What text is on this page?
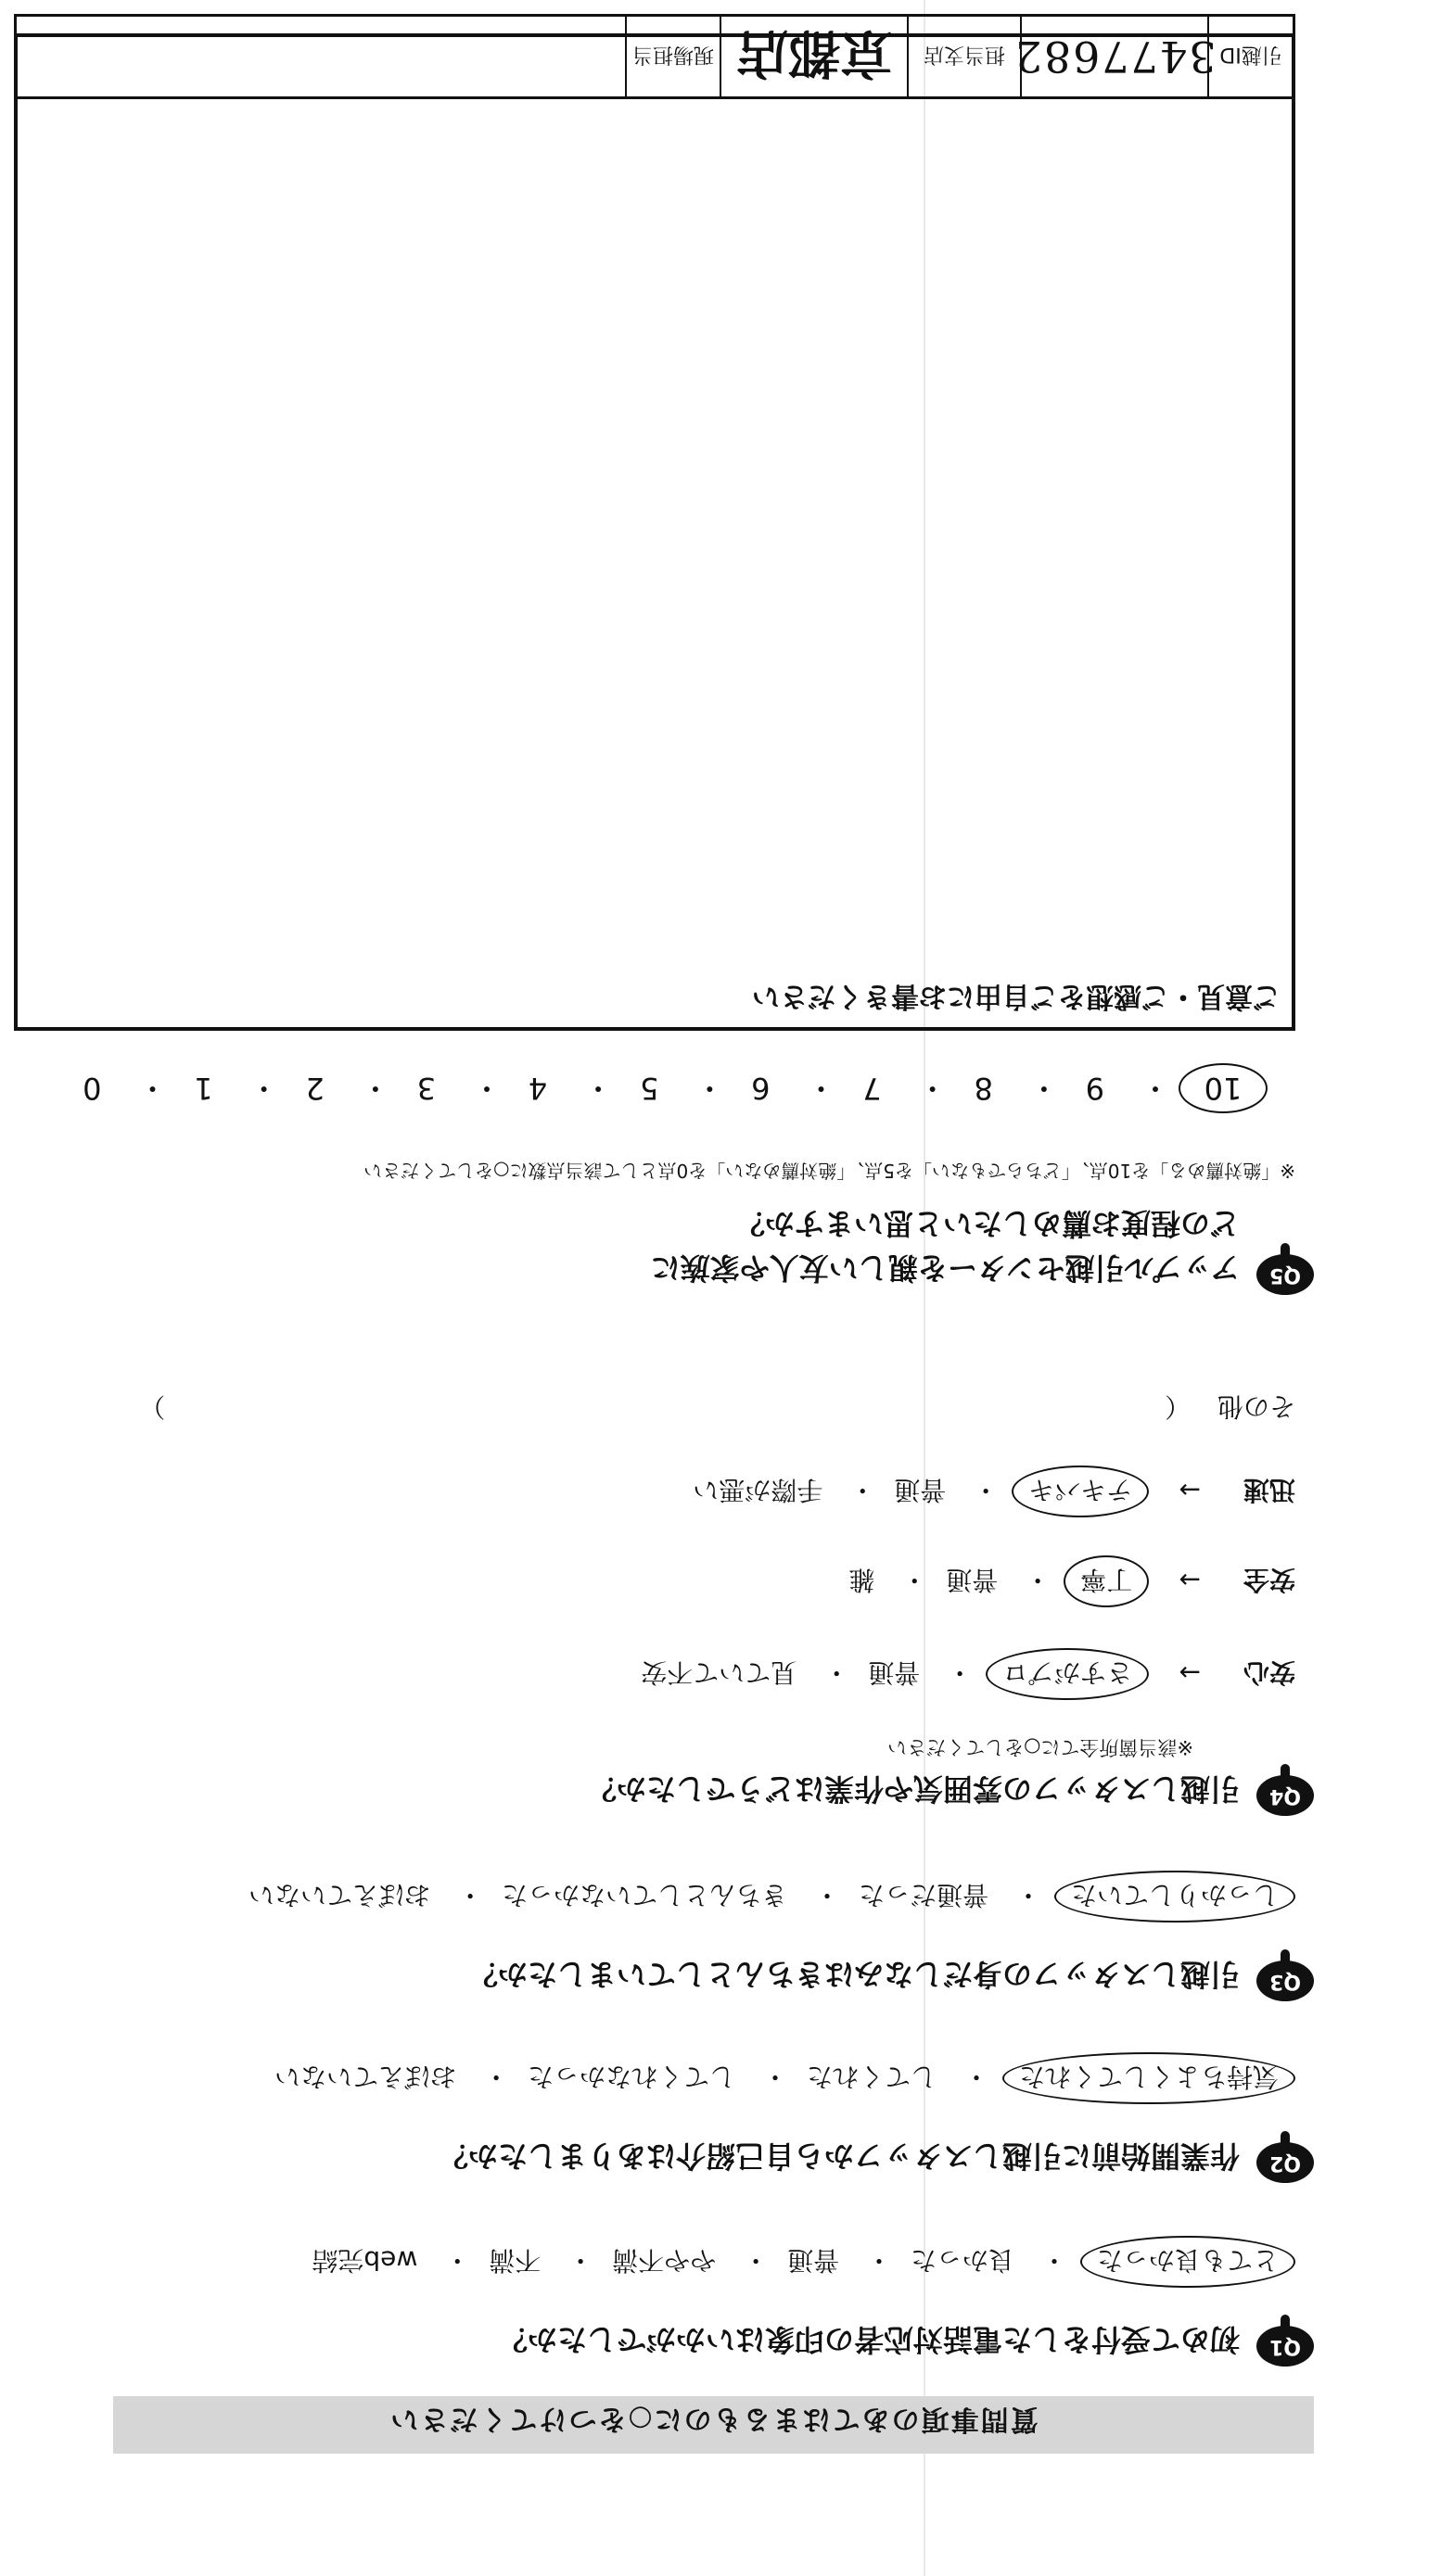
質問事項のあてはまるものに○をつけてください
Q1
初めて受付をした電話対応者の印象はいかがでしたか？
とても良かった・ 良かった・ 普通・ やや不満・ 不満・ web完結
Q2
作業開始前に引越しスタッフから自己紹介はありましたか？
気持ちよくしてくれた・ してくれた・ してくれなかった・ おぼえていない
Q3
引越しスタッフの身だしなみはきちんとしていましたか？
しっかりしていた・ 普通だった・ きちんとしていなかった・ おぼえていない
Q4
引越しスタッフの雰囲気や作業はどうでしたか？
※該当箇所全てに○をしてください
安心 → さすがプロ・ 普通・ 見ていて不安
安全 → 丁寧・ 普通・ 雑
迅速 → テキパキ・ 普通・ 手際が悪い
その他 （  ）
Q5
アップル引越センターを親しい友人や家族に
どの程度お薦めしたいと思いますか？
※「絶対薦める」を10点、「どちらでもない」を5点、「絶対薦めない」を0点として該当点数に○をしてください
10・ 9・ 8・ 7・ 6・ 5・ 4・ 3・ 2・ 1・ 0
ご意見・ご感想をご自由にお書きください
引越ID
3477682
担当支店
京都店
現場担当
